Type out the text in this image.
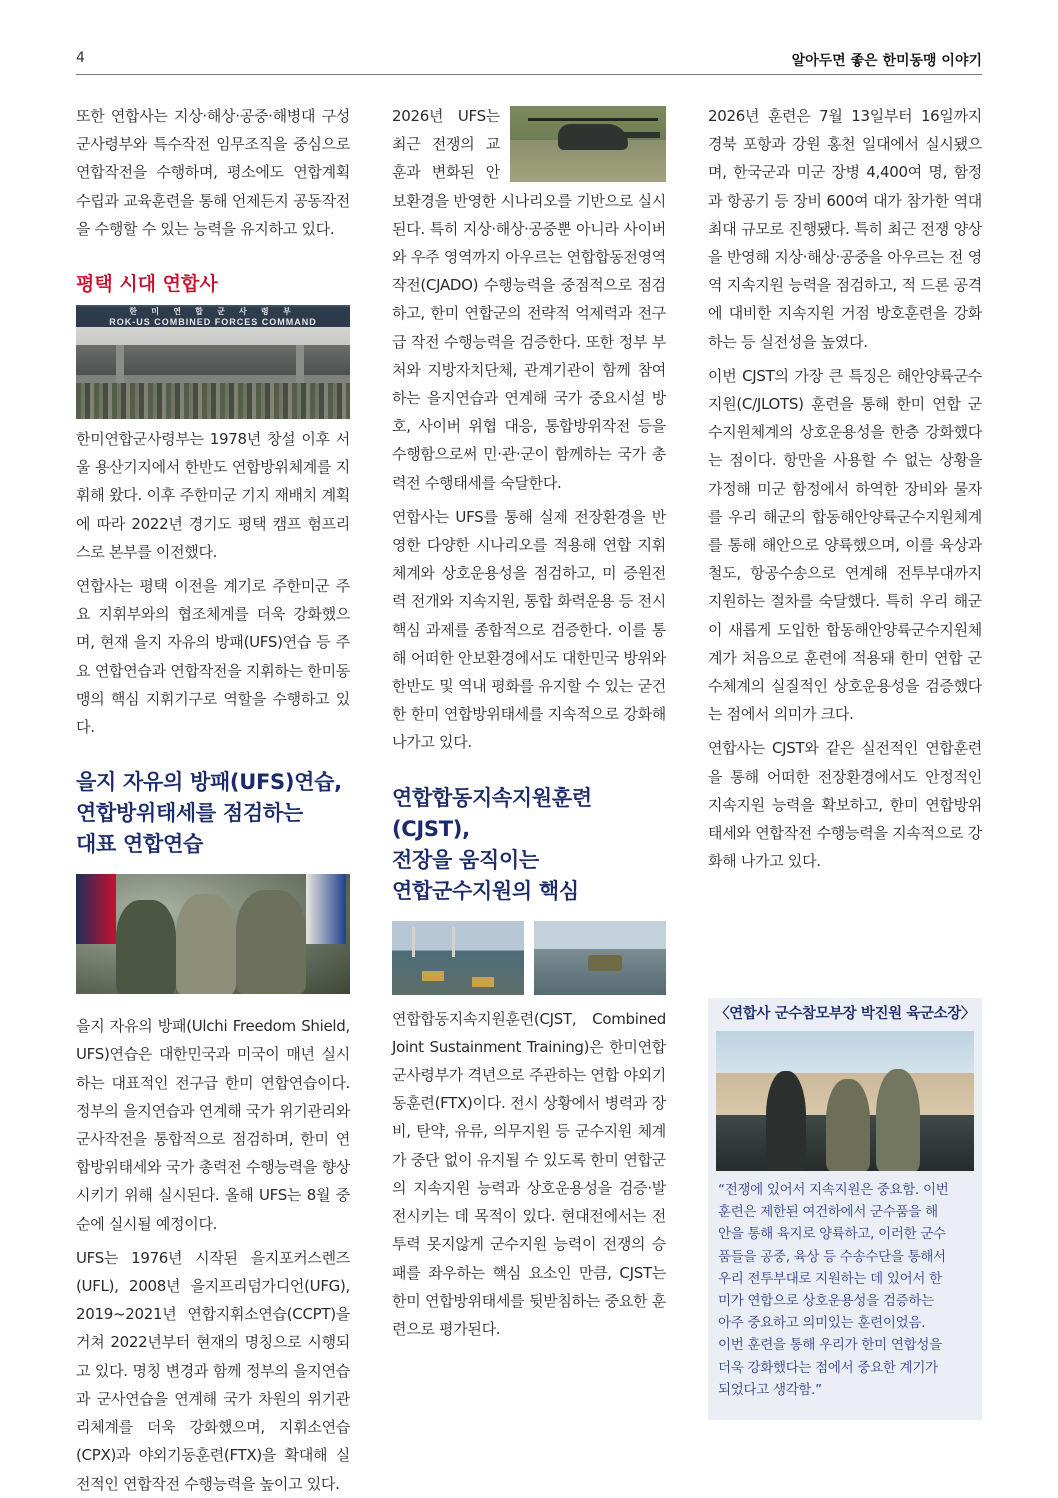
4	알아두면 좋은 한미동맹 이야기

또한 연합사는 지상·해상·공중·해병대 구성군사령부와 특수작전 임무조직을 중심으로 연합작전을 수행하며, 평소에도 연합계획 수립과 교육훈련을 통해 언제든지 공동작전을 수행할 수 있는 능력을 유지하고 있다.

평택 시대 연합사
한 미 연 합 군 사 령 부
ROK-US COMBINED FORCES COMMAND

한미연합군사령부는 1978년 창설 이후 서울 용산기지에서 한반도 연합방위체계를 지휘해 왔다. 이후 주한미군 기지 재배치 계획에 따라 2022년 경기도 평택 캠프 험프리스로 본부를 이전했다.

연합사는 평택 이전을 계기로 주한미군 주요 지휘부와의 협조체계를 더욱 강화했으며, 현재 을지 자유의 방패(UFS)연습 등 주요 연합연습과 연합작전을 지휘하는 한미동맹의 핵심 지휘기구로 역할을 수행하고 있다.

을지 자유의 방패(UFS)연습,
연합방위태세를 점검하는
대표 연합연습

을지 자유의 방패(Ulchi Freedom Shield, UFS)연습은 대한민국과 미국이 매년 실시하는 대표적인 전구급 한미 연합연습이다. 정부의 을지연습과 연계해 국가 위기관리와 군사작전을 통합적으로 점검하며, 한미 연합방위태세와 국가 총력전 수행능력을 향상시키기 위해 실시된다. 올해 UFS는 8월 중순에 실시될 예정이다.

UFS는 1976년 시작된 을지포커스렌즈(UFL), 2008년 을지프리덤가디언(UFG), 2019~2021년 연합지휘소연습(CCPT)을 거쳐 2022년부터 현재의 명칭으로 시행되고 있다. 명칭 변경과 함께 정부의 을지연습과 군사연습을 연계해 국가 차원의 위기관리체계를 더욱 강화했으며, 지휘소연습(CPX)과 야외기동훈련(FTX)을 확대해 실전적인 연합작전 수행능력을 높이고 있다.

2026년 UFS는 최근 전쟁의 교훈과 변화된 안보환경을 반영한 시나리오를 기반으로 실시된다. 특히 지상·해상·공중뿐 아니라 사이버와 우주 영역까지 아우르는 연합합동전영역작전(CJADO) 수행능력을 중점적으로 점검하고, 한미 연합군의 전략적 억제력과 전구급 작전 수행능력을 검증한다. 또한 정부 부처와 지방자치단체, 관계기관이 함께 참여하는 을지연습과 연계해 국가 중요시설 방호, 사이버 위협 대응, 통합방위작전 등을 수행함으로써 민·관·군이 함께하는 국가 총력전 수행태세를 숙달한다.

연합사는 UFS를 통해 실제 전장환경을 반영한 다양한 시나리오를 적용해 연합 지휘체계와 상호운용성을 점검하고, 미 증원전력 전개와 지속지원, 통합 화력운용 등 전시 핵심 과제를 종합적으로 검증한다. 이를 통해 어떠한 안보환경에서도 대한민국 방위와 한반도 및 역내 평화를 유지할 수 있는 굳건한 한미 연합방위태세를 지속적으로 강화해 나가고 있다.

연합합동지속지원훈련(CJST),
전장을 움직이는
연합군수지원의 핵심

연합합동지속지원훈련(CJST, Combined Joint Sustainment Training)은 한미연합군사령부가 격년으로 주관하는 연합 야외기동훈련(FTX)이다. 전시 상황에서 병력과 장비, 탄약, 유류, 의무지원 등 군수지원 체계가 중단 없이 유지될 수 있도록 한미 연합군의 지속지원 능력과 상호운용성을 검증·발전시키는 데 목적이 있다. 현대전에서는 전투력 못지않게 군수지원 능력이 전쟁의 승패를 좌우하는 핵심 요소인 만큼, CJST는 한미 연합방위태세를 뒷받침하는 중요한 훈련으로 평가된다.

2026년 훈련은 7월 13일부터 16일까지 경북 포항과 강원 홍천 일대에서 실시됐으며, 한국군과 미군 장병 4,400여 명, 함정과 항공기 등 장비 600여 대가 참가한 역대 최대 규모로 진행됐다. 특히 최근 전쟁 양상을 반영해 지상·해상·공중을 아우르는 전 영역 지속지원 능력을 점검하고, 적 드론 공격에 대비한 지속지원 거점 방호훈련을 강화하는 등 실전성을 높였다.

이번 CJST의 가장 큰 특징은 해안양륙군수지원(C/JLOTS) 훈련을 통해 한미 연합 군수지원체계의 상호운용성을 한층 강화했다는 점이다. 항만을 사용할 수 없는 상황을 가정해 미군 함정에서 하역한 장비와 물자를 우리 해군의 합동해안양륙군수지원체계를 통해 해안으로 양륙했으며, 이를 육상과 철도, 항공수송으로 연계해 전투부대까지 지원하는 절차를 숙달했다. 특히 우리 해군이 새롭게 도입한 합동해안양륙군수지원체계가 처음으로 훈련에 적용돼 한미 연합 군수체계의 실질적인 상호운용성을 검증했다는 점에서 의미가 크다.

연합사는 CJST와 같은 실전적인 연합훈련을 통해 어떠한 전장환경에서도 안정적인 지속지원 능력을 확보하고, 한미 연합방위태세와 연합작전 수행능력을 지속적으로 강화해 나가고 있다.

〈연합사 군수참모부장 박진원 육군소장〉
“전쟁에 있어서 지속지원은 중요함. 이번
훈련은 제한된 여건하에서 군수품을 해
안을 통해 육지로 양륙하고, 이러한 군수
품들을 공중, 육상 등 수송수단을 통해서
우리 전투부대로 지원하는 데 있어서 한
미가 연합으로 상호운용성을 검증하는
아주 중요하고 의미있는 훈련이었음.
이번 훈련을 통해 우리가 한미 연합성을
더욱 강화했다는 점에서 중요한 계기가
되었다고 생각함.”
